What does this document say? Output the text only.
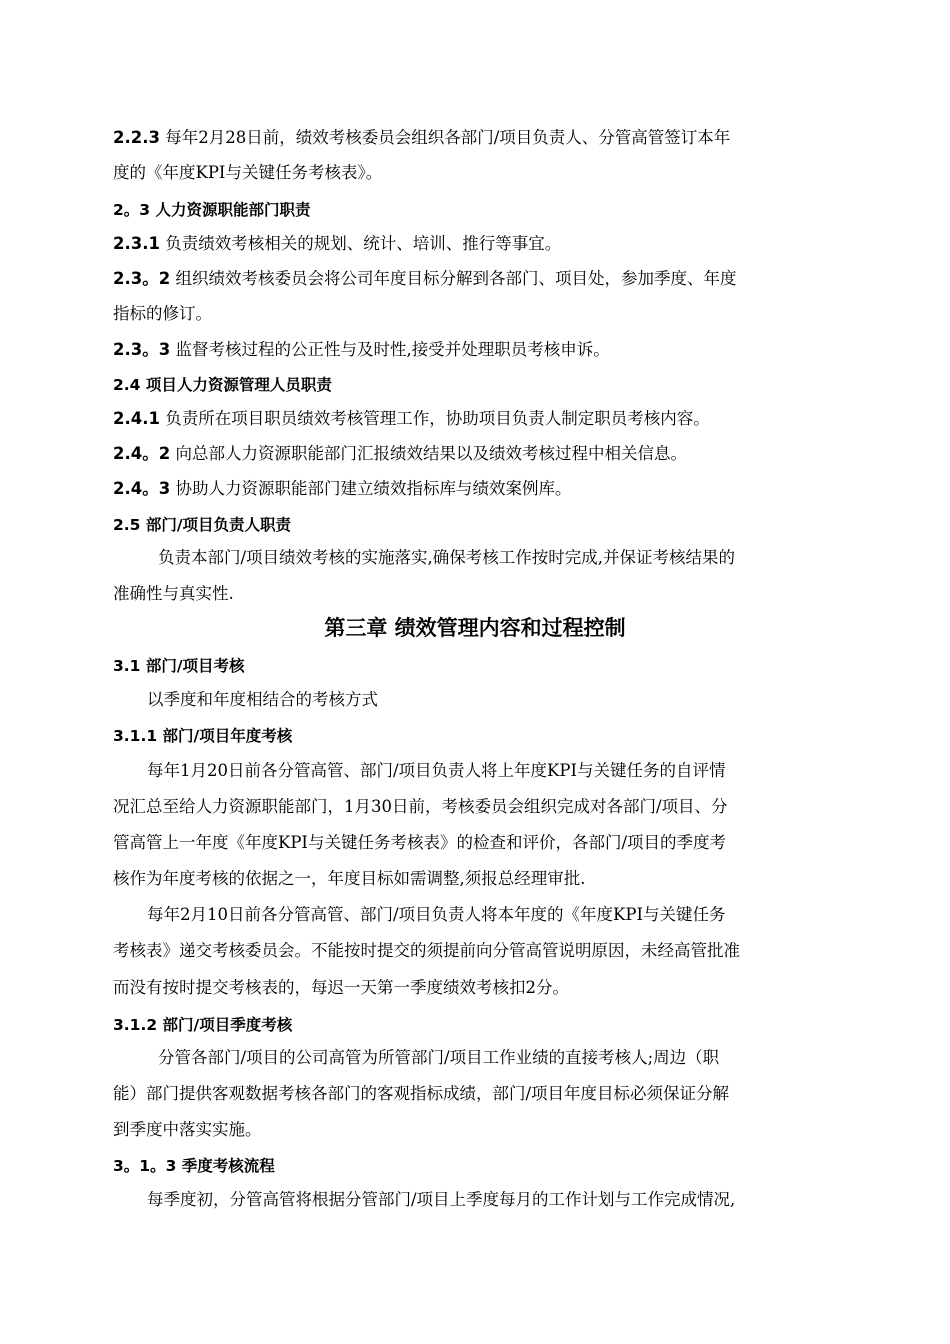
2.2.3 每年2月28日前，绩效考核委员会组织各部门/项目负责人、分管高管签订本年
度的《年度KPI与关键任务考核表》。
2。3 人力资源职能部门职责
2.3.1 负责绩效考核相关的规划、统计、培训、推行等事宜。
2.3。2 组织绩效考核委员会将公司年度目标分解到各部门、项目处，参加季度、年度
指标的修订。
2.3。3 监督考核过程的公正性与及时性,接受并处理职员考核申诉。
2.4 项目人力资源管理人员职责
2.4.1 负责所在项目职员绩效考核管理工作，协助项目负责人制定职员考核内容。
2.4。2 向总部人力资源职能部门汇报绩效结果以及绩效考核过程中相关信息。
2.4。3 协助人力资源职能部门建立绩效指标库与绩效案例库。
2.5 部门/项目负责人职责
负责本部门/项目绩效考核的实施落实,确保考核工作按时完成,并保证考核结果的
准确性与真实性.
第三章 绩效管理内容和过程控制
3.1 部门/项目考核
以季度和年度相结合的考核方式
3.1.1 部门/项目年度考核
每年1月20日前各分管高管、部门/项目负责人将上年度KPI与关键任务的自评情
况汇总至给人力资源职能部门，1月30日前，考核委员会组织完成对各部门/项目、分
管高管上一年度《年度KPI与关键任务考核表》的检查和评价，各部门/项目的季度考
核作为年度考核的依据之一，年度目标如需调整,须报总经理审批.
每年2月10日前各分管高管、部门/项目负责人将本年度的《年度KPI与关键任务
考核表》递交考核委员会。不能按时提交的须提前向分管高管说明原因，未经高管批准
而没有按时提交考核表的，每迟一天第一季度绩效考核扣2分。
3.1.2 部门/项目季度考核
分管各部门/项目的公司高管为所管部门/项目工作业绩的直接考核人;周边（职
能）部门提供客观数据考核各部门的客观指标成绩，部门/项目年度目标必须保证分解
到季度中落实实施。
3。1。3 季度考核流程
每季度初，分管高管将根据分管部门/项目上季度每月的工作计划与工作完成情况,
